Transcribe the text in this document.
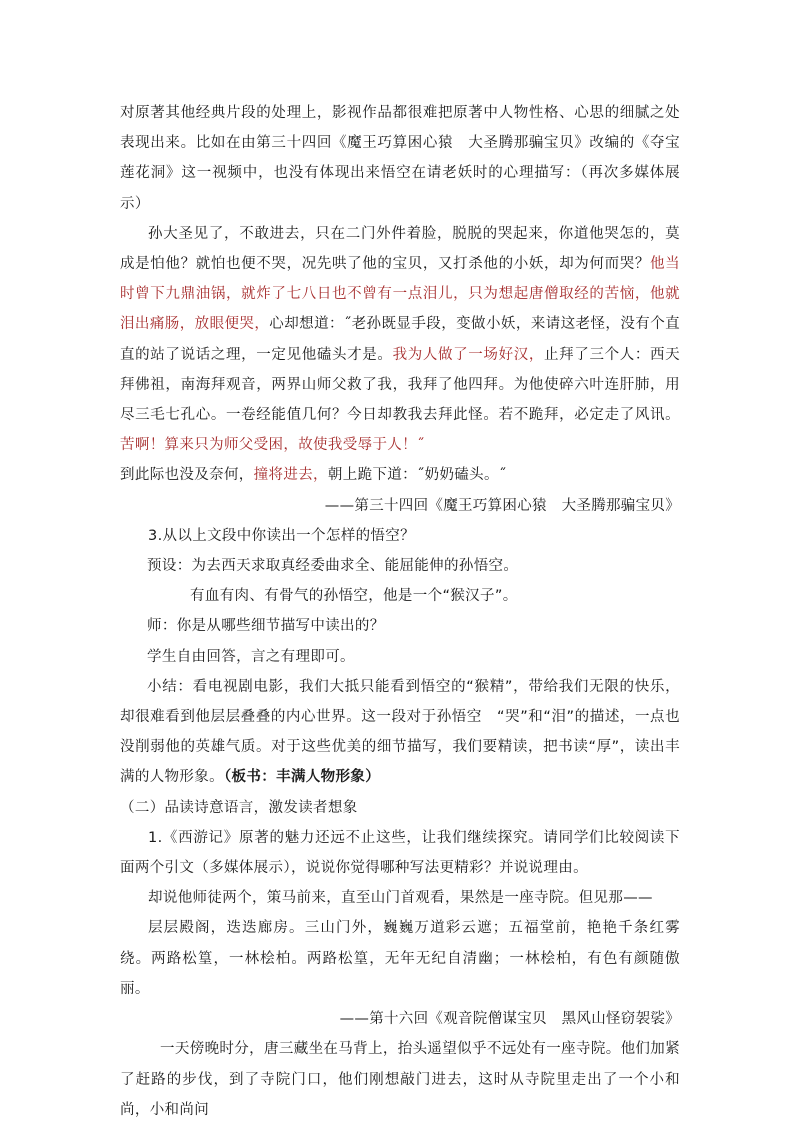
对原著其他经典片段的处理上，影视作品都很难把原著中人物性格、心思的细腻之处表现出来。比如在由第三十四回《魔王巧算困心猿　大圣腾那骗宝贝》改编的《夺宝莲花洞》这一视频中，也没有体现出来悟空在请老妖时的心理描写：（再次多媒体展示）

孙大圣见了，不敢进去，只在二门外件着脸，脱脱的哭起来，你道他哭怎的，莫成是怕他？就怕也便不哭，况先哄了他的宝贝，又打杀他的小妖，却为何而哭？他当时曾下九鼎油锅，就炸了七八日也不曾有一点泪儿，只为想起唐僧取经的苦恼，他就泪出痛肠，放眼便哭，心却想道：˝老孙既显手段，变做小妖，来请这老怪，没有个直直的站了说话之理，一定见他磕头才是。我为人做了一场好汉，止拜了三个人：西天拜佛祖，南海拜观音，两界山师父救了我，我拜了他四拜。为他使碎六叶连肝肺，用尽三毛七孔心。一卷经能值几何？今日却教我去拜此怪。若不跪拜，必定走了风讯。苦啊！算来只为师父受困，故使我受辱于人！˝
到此际也没及奈何，撞将进去，朝上跪下道：˝奶奶磕头。˝

——第三十四回《魔王巧算困心猿　大圣腾那骗宝贝》

3.从以上文段中你读出一个怎样的悟空？

预设：为去西天求取真经委曲求全、能屈能伸的孙悟空。

有血有肉、有骨气的孙悟空，他是一个“猴汉子”。

师：你是从哪些细节描写中读出的？

学生自由回答，言之有理即可。

小结：看电视剧电影，我们大抵只能看到悟空的“猴精”，带给我们无限的快乐，却很难看到他层层叠叠的内心世界。这一段对于孙悟空　“哭”和“泪”的描述，一点也没削弱他的英雄气质。对于这些优美的细节描写，我们要精读，把书读“厚”，读出丰满的人物形象。（板书：丰满人物形象）

（二）品读诗意语言，激发读者想象

1.《西游记》原著的魅力还远不止这些，让我们继续探究。请同学们比较阅读下面两个引文（多媒体展示），说说你觉得哪种写法更精彩？并说说理由。

却说他师徒两个，策马前来，直至山门首观看，果然是一座寺院。但见那——

层层殿阁，迭迭廊房。三山门外，巍巍万道彩云遮；五福堂前，艳艳千条红雾绕。两路松篁，一林桧柏。两路松篁，无年无纪自清幽；一林桧柏，有色有颜随傲丽。

——第十六回《观音院僧谋宝贝　黑风山怪窃袈裟》

一天傍晚时分，唐三藏坐在马背上，抬头遥望似乎不远处有一座寺院。他们加紧了赶路的步伐，到了寺院门口，他们刚想敲门进去，这时从寺院里走出了一个小和尚，小和尚问
